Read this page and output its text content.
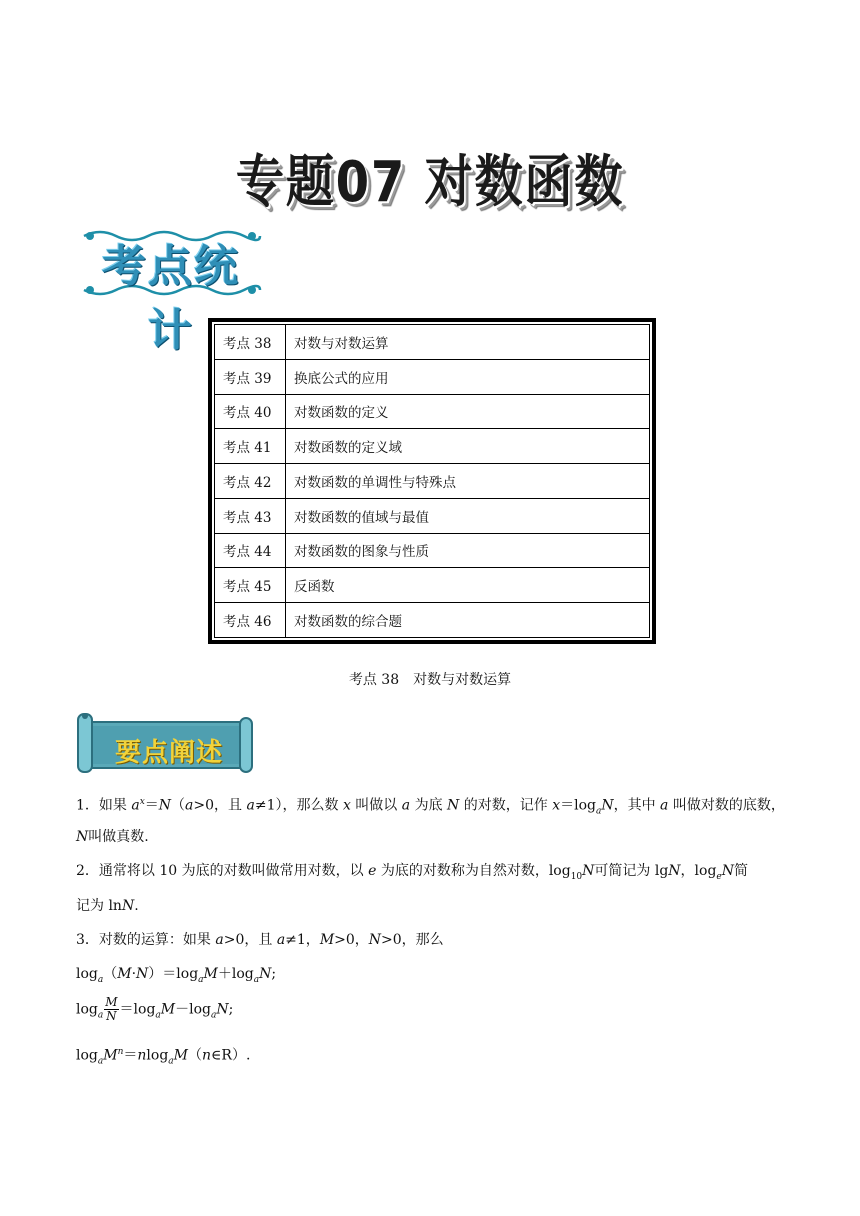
专题07 对数函数
考点统计	考点 38	对数与对数运算
考点 39	换底公式的应用
考点 40	对数函数的定义
考点 41	对数函数的定义域
考点 42	对数函数的单调性与特殊点
考点 43	对数函数的值域与最值
考点 44	对数函数的图象与性质
考点 45	反函数
考点 46	对数函数的综合题
考点 38　对数与对数运算
要点阐述
1．如果 $a^x=N(a>0$，且 a≠1），那么数 x 叫做以 a 为底 N 的对数，记作 $x=\log_aN$，其中 a 叫做对数的底数，
N叫做真数.
2．通常将以 10 为底的对数叫做常用对数，以 e 为底的对数称为自然对数，$\log_{10}N$可简记为 lgN，$\log_eN$简
记为 lnN.
3．对数的运算：如果 a>0，且 a≠1，M>0，N>0，那么
$\log_a(M\cdot N)=\log_aM+\log_aN$;
$\log_a \frac{M}{N} =\log_aM-\log_aN$;
$\log_aM^n=nlog_aM(n\in R)$.
